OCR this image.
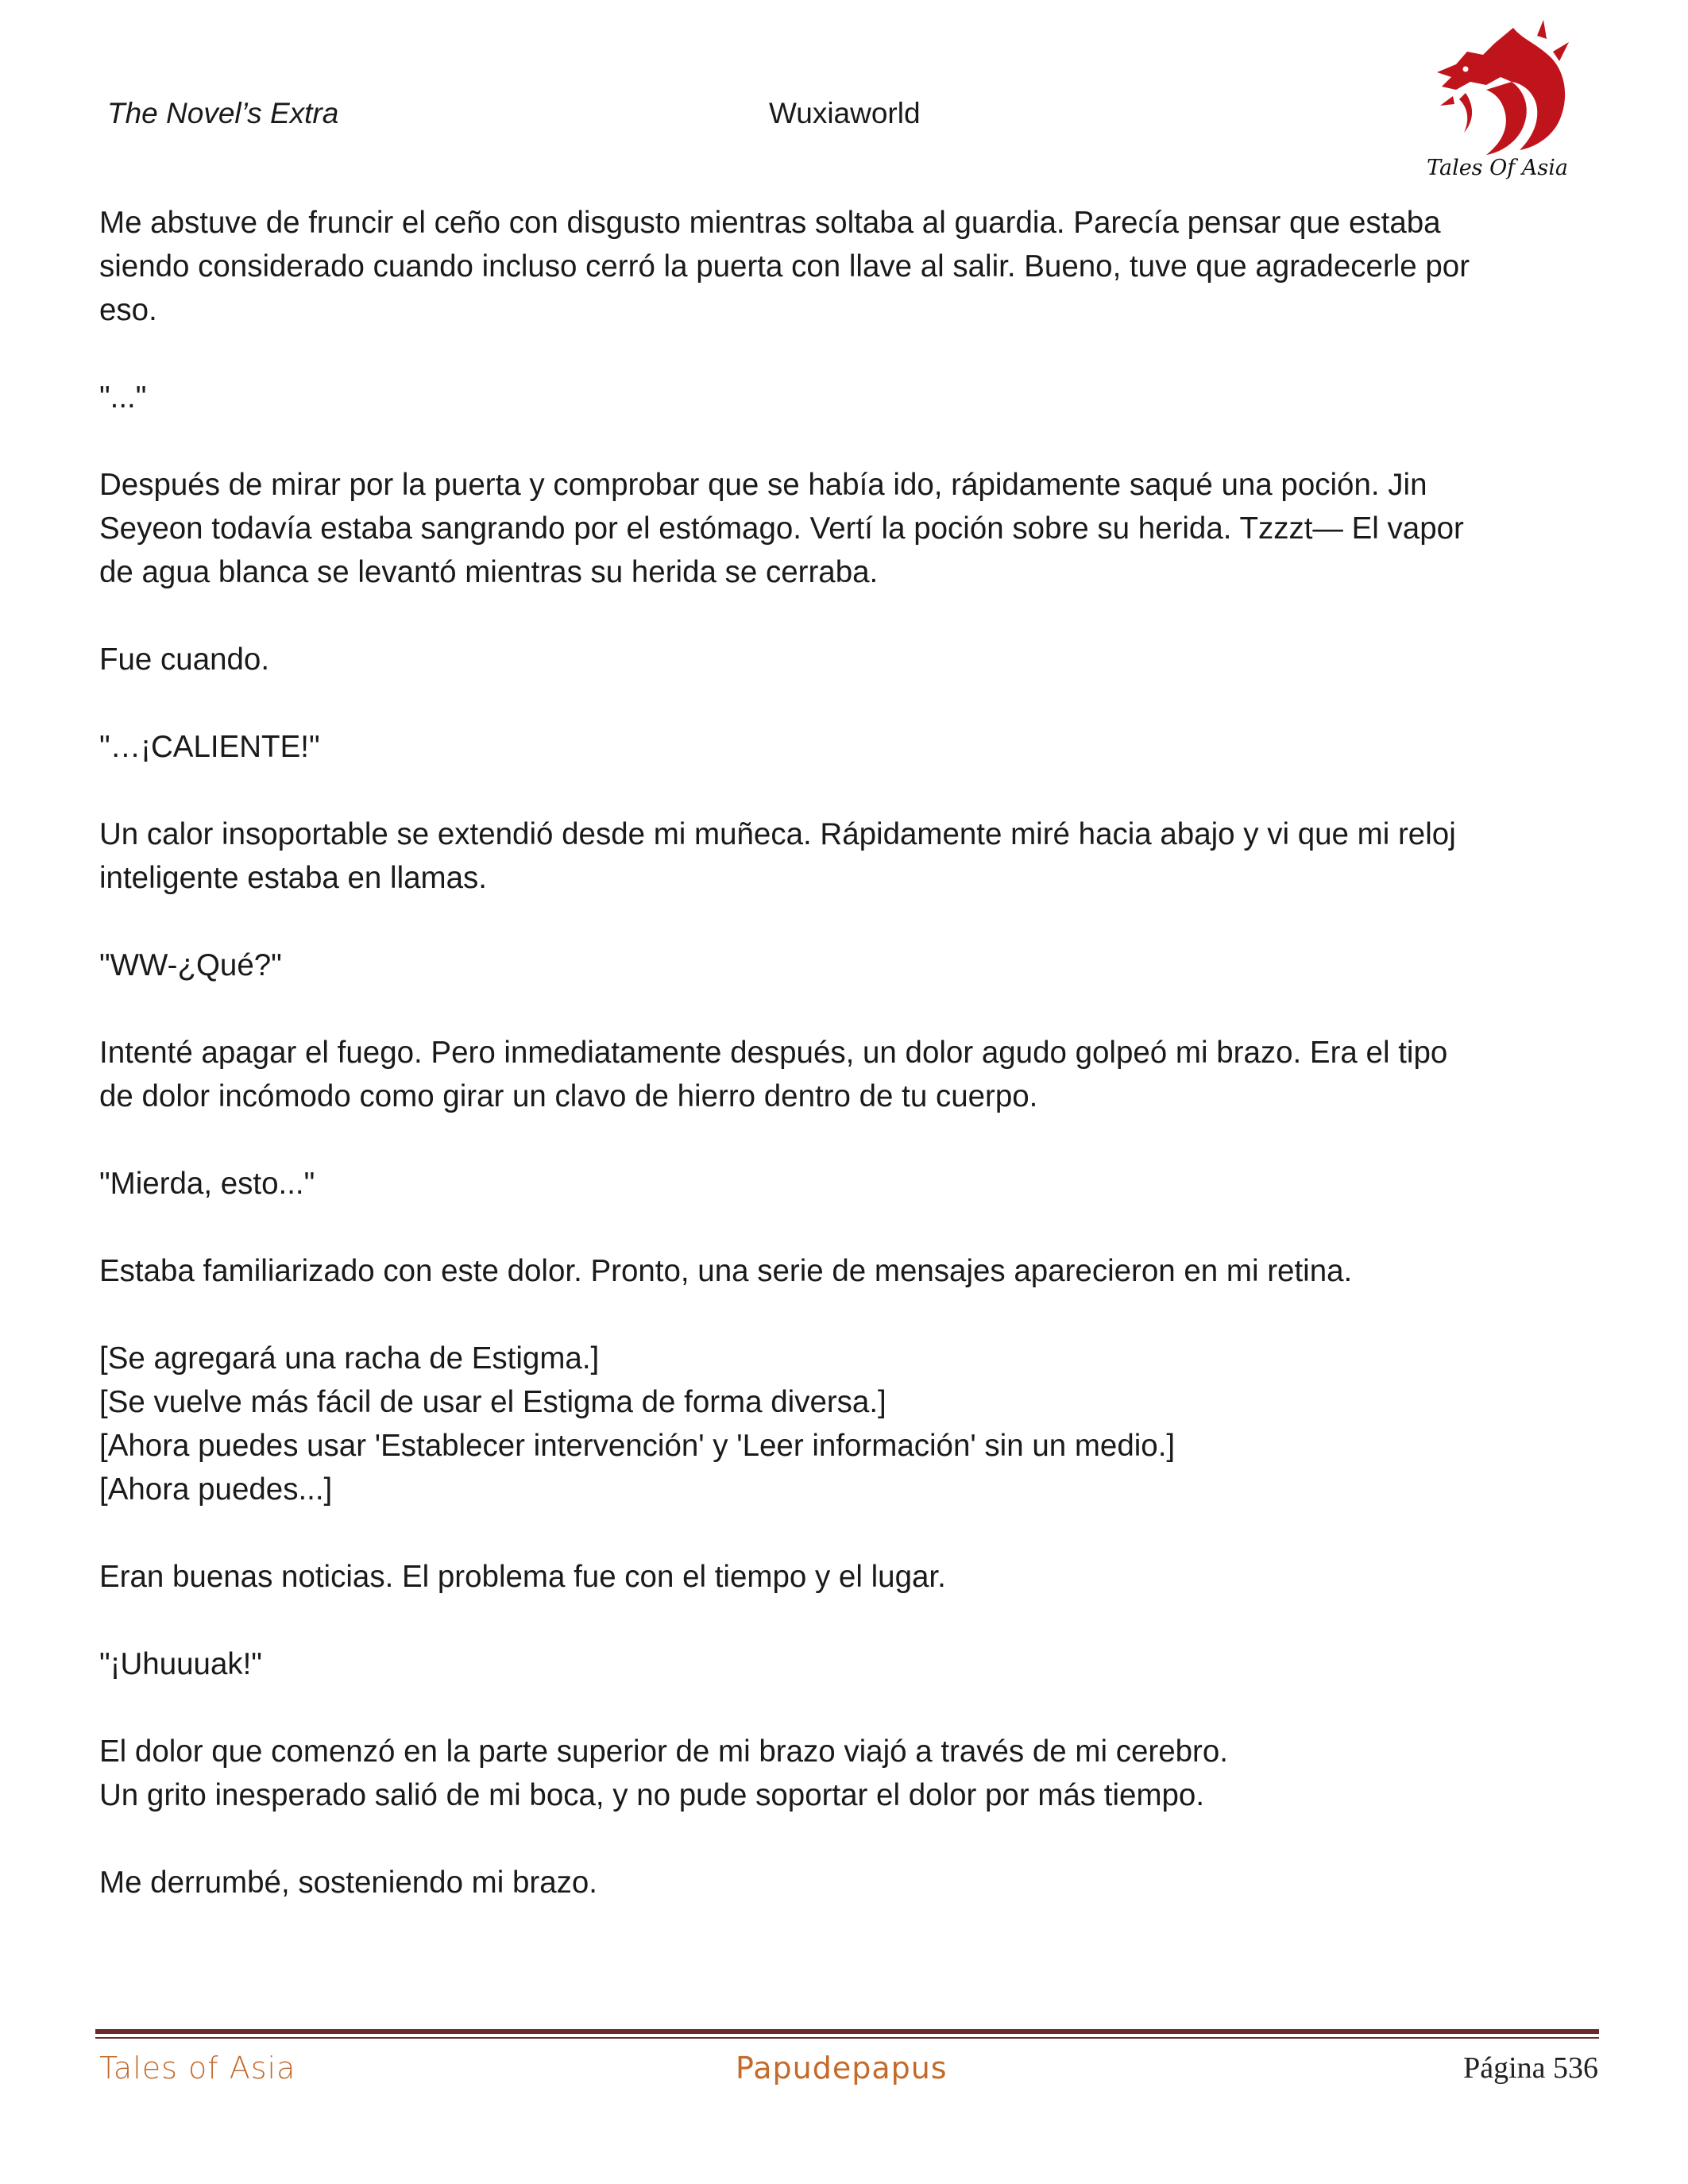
The Novel’s Extra	Wuxiaworld
Tales Of Asia

Me abstuve de fruncir el ceño con disgusto mientras soltaba al guardia. Parecía pensar que estaba

siendo considerado cuando incluso cerró la puerta con llave al salir. Bueno, tuve que agradecerle por

eso.

"..."

Después de mirar por la puerta y comprobar que se había ido, rápidamente saqué una poción. Jin

Seyeon todavía estaba sangrando por el estómago. Vertí la poción sobre su herida. Tzzzt— El vapor

de agua blanca se levantó mientras su herida se cerraba.

Fue cuando.

"…¡CALIENTE!"

Un calor insoportable se extendió desde mi muñeca. Rápidamente miré hacia abajo y vi que mi reloj

inteligente estaba en llamas.

"WW-¿Qué?"

Intenté apagar el fuego. Pero inmediatamente después, un dolor agudo golpeó mi brazo. Era el tipo

de dolor incómodo como girar un clavo de hierro dentro de tu cuerpo.

"Mierda, esto..."

Estaba familiarizado con este dolor. Pronto, una serie de mensajes aparecieron en mi retina.

[Se agregará una racha de Estigma.]

[Se vuelve más fácil de usar el Estigma de forma diversa.]

[Ahora puedes usar 'Establecer intervención' y 'Leer información' sin un medio.]

[Ahora puedes...]

Eran buenas noticias. El problema fue con el tiempo y el lugar.

"¡Uhuuuak!"

El dolor que comenzó en la parte superior de mi brazo viajó a través de mi cerebro.

Un grito inesperado salió de mi boca, y no pude soportar el dolor por más tiempo.

Me derrumbé, sosteniendo mi brazo.

Tales of Asia	Papudepapus	Página 536
